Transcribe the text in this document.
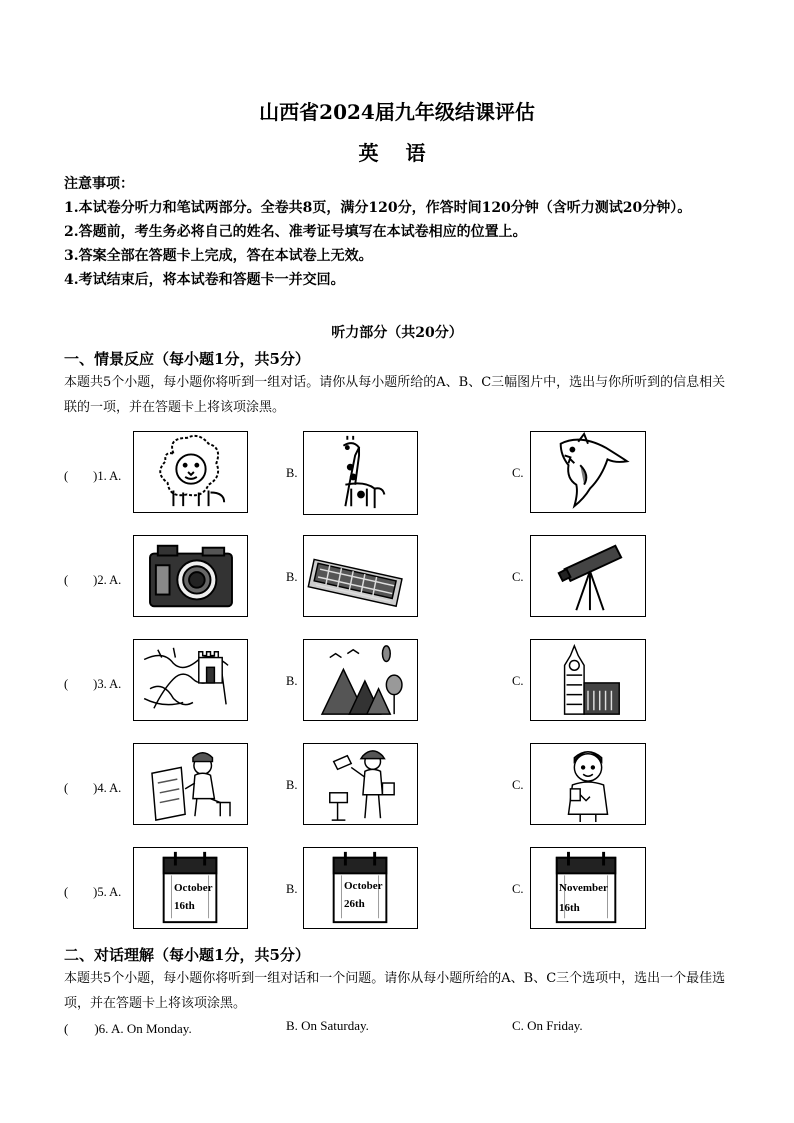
山西省2024届九年级结课评估
英 语
注意事项：
1.本试卷分听力和笔试两部分。全卷共8页，满分120分，作答时间120分钟（含听力测试20分钟）。
2.答题前，考生务必将自己的姓名、准考证号填写在本试卷相应的位置上。
3.答案全部在答题卡上完成，答在本试卷上无效。
4.考试结束后，将本试卷和答题卡一并交回。
听力部分（共20分）
一、情景反应（每小题1分，共5分）
本题共5个小题，每小题你将听到一组对话。请你从每小题所给的A、B、C三幅图片中，选出与你所听到的信息相关联的一项，并在答题卡上将该项涂黑。
(　　)1. A.	B.	C.
(　　)2. A.	B.	C.
(　　)3. A.	B.	C.
(　　)4. A.	B.	C.
(　　)5. A.	October
16th
B.	October
26th
C.	November
16th
二、对话理解（每小题1分，共5分）
本题共5个小题，每小题你将听到一组对话和一个问题。请你从每小题所给的A、B、C三个选项中，选出一个最佳选项，并在答题卡上将该项涂黑。
(　　)6. A. On Monday.	B. On Saturday.	C. On Friday.
